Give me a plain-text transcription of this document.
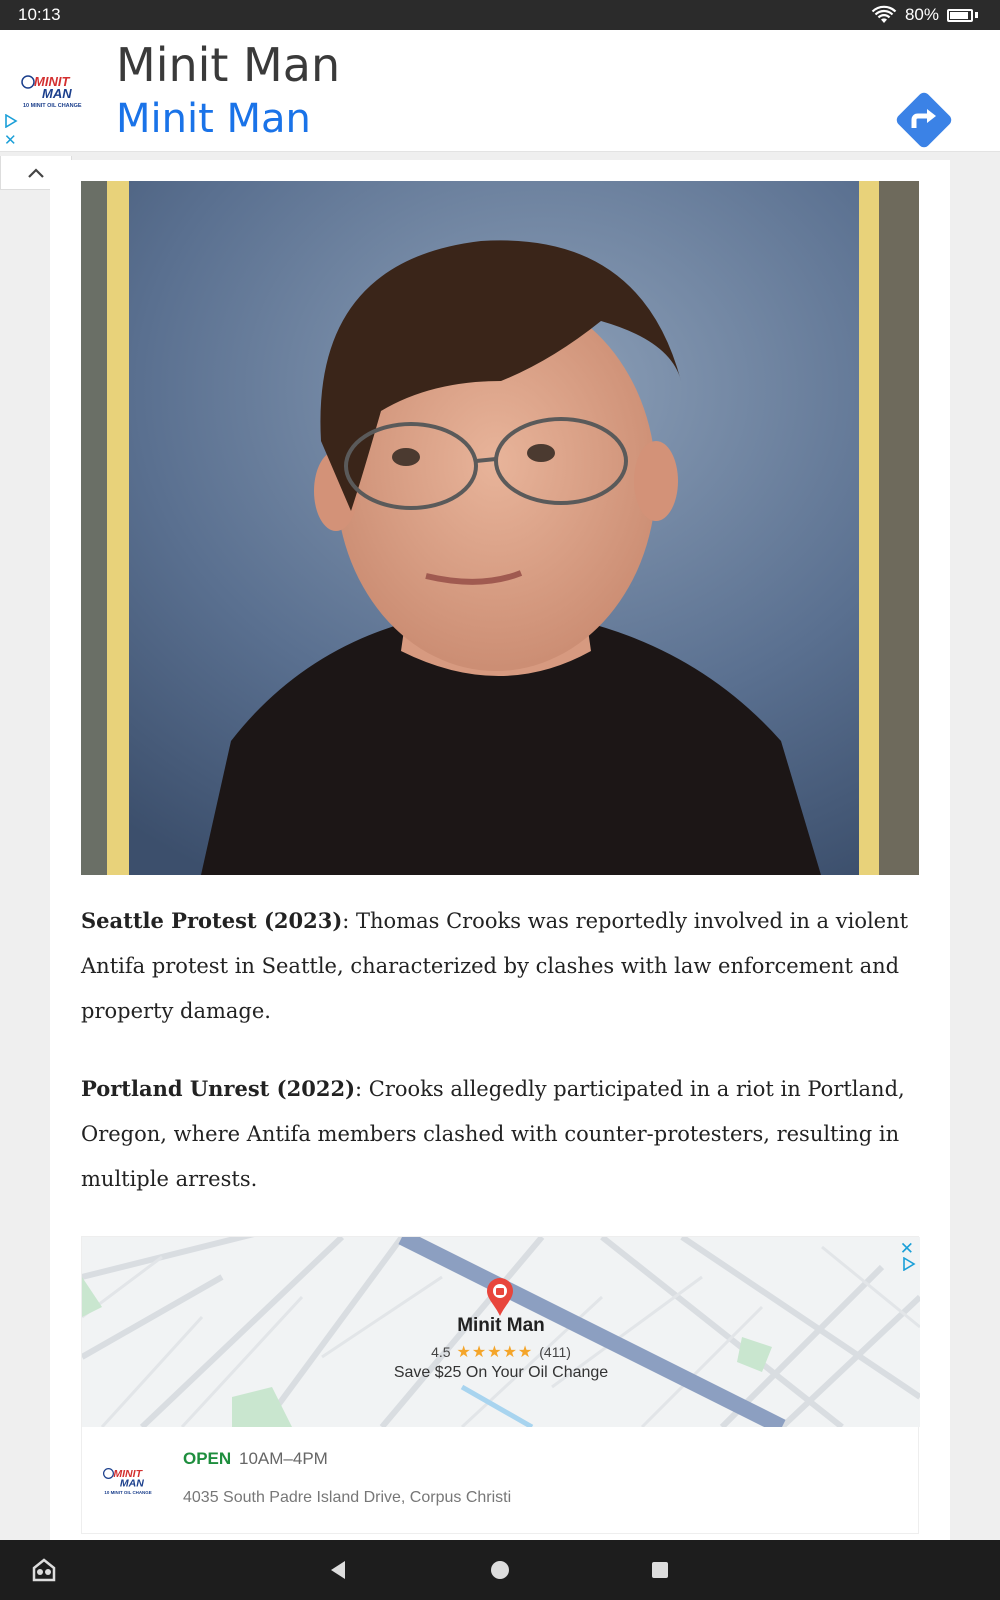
10:13	80%
MINIT
MAN
10 MINIT OIL CHANGE
Minit Man
Minit Man
✕
Seattle Protest (2023): Thomas Crooks was reportedly involved in a violent Antifa protest in Seattle, characterized by clashes with law enforcement and property damage.
Portland Unrest (2022): Crooks allegedly participated in a riot in Portland, Oregon, where Antifa members clashed with counter-protesters, resulting in multiple arrests.
✕
Minit Man
4.5 ★★★★★ (411)
Save $25 On Your Oil Change
MINIT
MAN
10 MINIT OIL CHANGE
OPEN 10AM–4PM
4035 South Padre Island Drive, Corpus Christi
